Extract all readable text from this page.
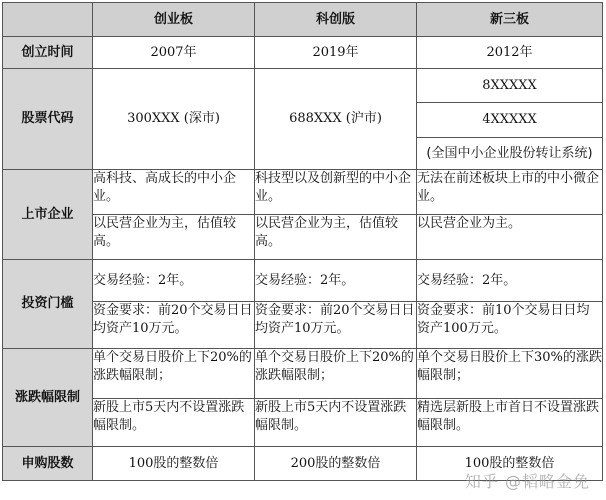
	创业板	科创版	新三板
创立时间	2007年	2019年	2012年
股票代码	300XXX (深市)	688XXX (沪市)	8XXXXX
			4XXXXX
			(全国中小企业股份转让系统)
上市企业	高科技、高成长的中小企业。	科技型以及创新型的中小企业。	无法在前述板块上市的中小微企业。
	以民营企业为主，估值较高。	以民营企业为主，估值较高。	以民营企业为主。
投资门槛	交易经验：2年。	交易经验：2年。	交易经验：2年。
	资金要求：前20个交易日日均资产10万元。	资金要求：前20个交易日日均资产10万元。	资金要求：前10个交易日日均资产100万元。
涨跌幅限制	单个交易日股价上下20%的涨跌幅限制；	单个交易日股价上下20%的涨跌幅限制；	单个交易日股价上下30%的涨跌幅限制；
	新股上市5天内不设置涨跌幅限制。	新股上市5天内不设置涨跌幅限制。	精选层新股上市首日不设置涨跌幅限制。
申购股数	100股的整数倍	200股的整数倍	100股的整数倍
知乎 @韬略金免
